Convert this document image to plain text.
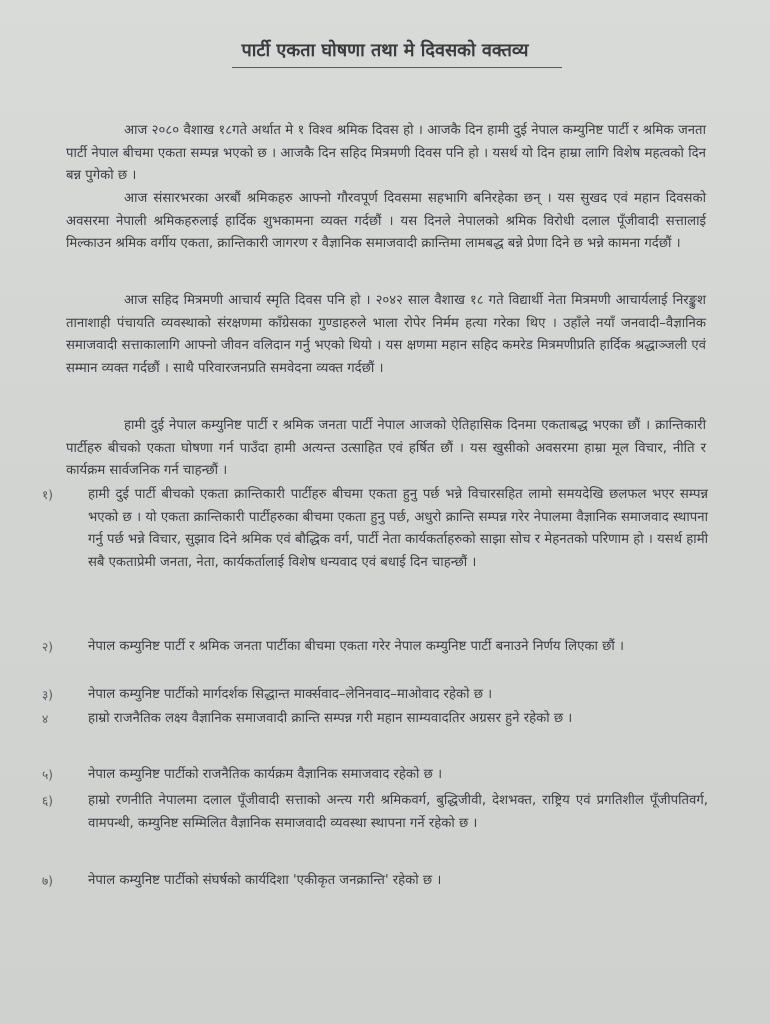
पार्टी एकता घोषणा तथा मे दिवसको वक्तव्य

आज २०८० वैशाख १८गते अर्थात मे १ विश्व श्रमिक दिवस हो । आजकै दिन हामी दुई नेपाल कम्युनिष्ट पार्टी र श्रमिक जनता पार्टी नेपाल बीचमा एकता सम्पन्न भएको छ । आजकै दिन सहिद मित्रमणी दिवस पनि हो । यसर्थ यो दिन हाम्रा लागि विशेष महत्वको दिन बन्न पुगेको छ ।

आज संसारभरका अरबौं श्रमिकहरु आफ्नो गौरवपूर्ण दिवसमा सहभागि बनिरहेका छन् । यस सुखद एवं महान दिवसको अवसरमा नेपाली श्रमिकहरुलाई हार्दिक शुभकामना व्यक्त गर्दछौं । यस दिनले नेपालको श्रमिक विरोधी दलाल पूँजीवादी सत्तालाई मिल्काउन श्रमिक वर्गीय एकता, क्रान्तिकारी जागरण र वैज्ञानिक समाजवादी क्रान्तिमा लामबद्ध बन्ने प्रेणा दिने छ भन्ने कामना गर्दछौं ।

आज सहिद मित्रमणी आचार्य स्मृति दिवस पनि हो । २०४२ साल वैशाख १८ गते विद्यार्थी नेता मित्रमणी आचार्यलाई निरङ्कुश तानाशाही पंचायति व्यवस्थाको संरक्षणमा काँग्रेसका गुण्डाहरुले भाला रोपेर निर्मम हत्या गरेका थिए । उहाँले नयाँ जनवादी–वैज्ञानिक समाजवादी सत्ताकालागि आफ्नो जीवन वलिदान गर्नु भएको थियो । यस क्षणमा महान सहिद कमरेड मित्रमणीप्रति हार्दिक श्रद्धाञ्जली एवं सम्मान व्यक्त गर्दछौं । साथै परिवारजनप्रति समवेदना व्यक्त गर्दछौं ।

हामी दुई नेपाल कम्युनिष्ट पार्टी र श्रमिक जनता पार्टी नेपाल आजको ऐतिहासिक दिनमा एकताबद्ध भएका छौं । क्रान्तिकारी पार्टीहरु बीचको एकता घोषणा गर्न पाउँदा हामी अत्यन्त उत्साहित एवं हर्षित छौं । यस खुसीको अवसरमा हाम्रा मूल विचार, नीति र कार्यक्रम सार्वजनिक गर्न चाहन्छौं ।

१)	हामी दुई पार्टी बीचको एकता क्रान्तिकारी पार्टीहरु बीचमा एकता हुनु पर्छ भन्ने विचारसहित लामो समयदेखि छलफल भएर सम्पन्न भएको छ । यो एकता क्रान्तिकारी पार्टीहरुका बीचमा एकता हुनु पर्छ, अधुरो क्रान्ति सम्पन्न गरेर नेपालमा वैज्ञानिक समाजवाद स्थापना गर्नु पर्छ भन्ने विचार, सुझाव दिने श्रमिक एवं बौद्धिक वर्ग, पार्टी नेता कार्यकर्ताहरुको साझा सोच र मेहनतको परिणाम हो । यसर्थ हामी सबै एकताप्रेमी जनता, नेता, कार्यकर्तालाई विशेष धन्यवाद एवं बधाई दिन चाहन्छौं ।
२)	नेपाल कम्युनिष्ट पार्टी र श्रमिक जनता पार्टीका बीचमा एकता गरेर नेपाल कम्युनिष्ट पार्टी बनाउने निर्णय लिएका छौं ।
३)	नेपाल कम्युनिष्ट पार्टीको मार्गदर्शक सिद्धान्त मार्क्सवाद–लेनिनवाद–माओवाद रहेको छ ।
४	हाम्रो राजनैतिक लक्ष्य वैज्ञानिक समाजवादी क्रान्ति सम्पन्न गरी महान साम्यवादतिर अग्रसर हुने रहेको छ ।
५)	नेपाल कम्युनिष्ट पार्टीको राजनैतिक कार्यक्रम वैज्ञानिक समाजवाद रहेको छ ।
६)	हाम्रो रणनीति नेपालमा दलाल पूँजीवादी सत्ताको अन्त्य गरी श्रमिकवर्ग, बुद्धिजीवी, देशभक्त, राष्ट्रिय एवं प्रगतिशील पूँजीपतिवर्ग, वामपन्थी, कम्युनिष्ट सम्मिलित वैज्ञानिक समाजवादी व्यवस्था स्थापना गर्ने रहेको छ ।
७)	नेपाल कम्युनिष्ट पार्टीको संघर्षको कार्यदिशा 'एकीकृत जनक्रान्ति' रहेको छ ।
